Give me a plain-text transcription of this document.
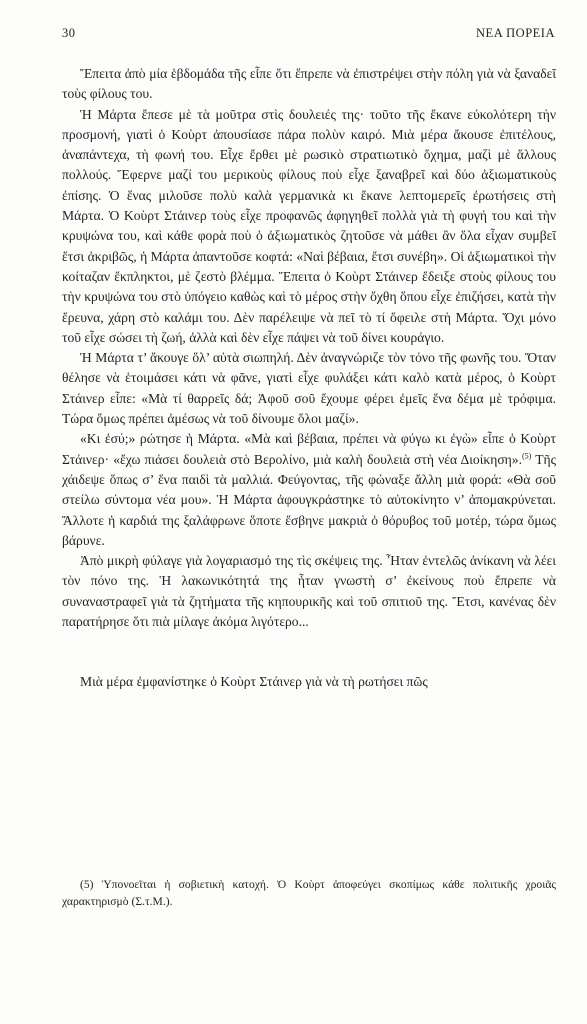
30	ΝΕΑ ΠΟΡΕΙΑ

Ἔπειτα ἀπὸ μία ἑβδομάδα τῆς εἶπε ὅτι ἔπρεπε νὰ ἐπιστρέψει στὴν πόλη γιὰ νὰ ξαναδεῖ τοὺς φίλους του.

Ἡ Μάρτα ἔπεσε μὲ τὰ μοῦτρα στὶς δουλειές της· τοῦτο τῆς ἔκανε εὐκολότερη τὴν προσμονή, γιατὶ ὁ Κοὺρτ ἀπουσίασε πάρα πολὺν καιρό. Μιὰ μέρα ἄκουσε ἐπιτέλους, ἀναπάντεχα, τὴ φωνή του. Εἶχε ἔρθει μὲ ρωσικὸ στρατιωτικὸ ὄχημα, μαζὶ μὲ ἄλλους πολλούς. Ἔφερνε μαζί του μερικοὺς φίλους ποὺ εἶχε ξαναβρεῖ καὶ δύο ἀξιωματικοὺς ἐπίσης. Ὁ ἕνας μιλοῦσε πολὺ καλὰ γερμανικὰ κι ἔκανε λεπτομερεῖς ἐρωτήσεις στὴ Μάρτα. Ὁ Κοὺρτ Στάινερ τοὺς εἶχε προφανῶς ἀφηγηθεῖ πολλὰ γιὰ τὴ φυγή του καὶ τὴν κρυψώνα του, καὶ κάθε φορὰ ποὺ ὁ ἀξιωματικὸς ζητοῦσε νὰ μάθει ἂν ὅλα εἶχαν συμβεῖ ἔτσι ἀκριβῶς, ἡ Μάρτα ἀπαντοῦσε κοφτά: «Ναὶ βέβαια, ἔτσι συνέβη». Οἱ ἀξιωματικοὶ τὴν κοίταζαν ἔκπληκτοι, μὲ ζεστὸ βλέμμα. Ἔπειτα ὁ Κοὺρτ Στάινερ ἔδειξε στοὺς φίλους του τὴν κρυψώνα του στὸ ὑπόγειο καθὼς καὶ τὸ μέρος στὴν ὄχθη ὅπου εἶχε ἐπιζήσει, κατὰ τὴν ἔρευνα, χάρη στὸ καλάμι του. Δὲν παρέλειψε νὰ πεῖ τὸ τί ὄφειλε στὴ Μάρτα. Ὄχι μόνο τοῦ εἶχε σώσει τὴ ζωή, ἀλλὰ καὶ δὲν εἶχε πάψει νὰ τοῦ δίνει κουράγιο.

Ἡ Μάρτα τ’ ἄκουγε ὅλ’ αὐτὰ σιωπηλή. Δὲν ἀναγνώριζε τὸν τόνο τῆς φωνῆς του. Ὅταν θέλησε νὰ ἑτοιμάσει κάτι νὰ φᾶνε, γιατὶ εἶχε φυλάξει κάτι καλὸ κατὰ μέρος, ὁ Κοὺρτ Στάινερ εἶπε: «Μὰ τί θαρρεῖς δά; Ἀφοῦ σοῦ ἔχουμε φέρει ἐμεῖς ἕνα δέμα μὲ τρόφιμα. Τώρα ὅμως πρέπει ἀμέσως νὰ τοῦ δίνουμε ὅλοι μαζί».

«Κι ἐσύ;» ρώτησε ἡ Μάρτα. «Μὰ καὶ βέβαια, πρέπει νὰ φύγω κι ἐγὼ» εἶπε ὁ Κοὺρτ Στάινερ· «ἔχω πιάσει δουλειὰ στὸ Βερολίνο, μιὰ καλὴ δουλειὰ στὴ νέα Διοίκηση».$^{(5)}$ Τῆς χάιδεψε ὅπως σ’ ἕνα παιδὶ τὰ μαλλιά. Φεύγοντας, τῆς φώναξε ἄλλη μιὰ φορά: «Θὰ σοῦ στείλω σύντομα νέα μου». Ἡ Μάρτα ἀφουγκράστηκε τὸ αὐτοκίνητο ν’ ἀπομακρύνεται. Ἄλλοτε ἡ καρδιά της ξαλάφρωνε ὅποτε ἔσβηνε μακριὰ ὁ θόρυβος τοῦ μοτέρ, τώρα ὅμως βάρυνε.

Ἀπὸ μικρὴ φύλαγε γιὰ λογαριασμό της τὶς σκέψεις της. Ἦταν ἐντελῶς ἀνίκανη νὰ λέει τὸν πόνο της. Ἡ λακωνικότητά της ἦταν γνωστὴ σ’ ἐκείνους ποὺ ἔπρεπε νὰ συναναστραφεῖ γιὰ τὰ ζητήματα τῆς κηπουρικῆς καὶ τοῦ σπιτιοῦ της. Ἔτσι, κανένας δὲν παρατήρησε ὅτι πιὰ μίλαγε ἀκόμα λιγότερο...

Μιὰ μέρα ἐμφανίστηκε ὁ Κοὺρτ Στάινερ γιὰ νὰ τὴ ρωτήσει πῶς

(5) Ὑπονοεῖται ἡ σοβιετικὴ κατοχή. Ὁ Κοὺρτ ἀποφεύγει σκοπίμως κάθε πολιτικῆς χροιᾶς χαρακτηρισμὸ (Σ.τ.Μ.).
